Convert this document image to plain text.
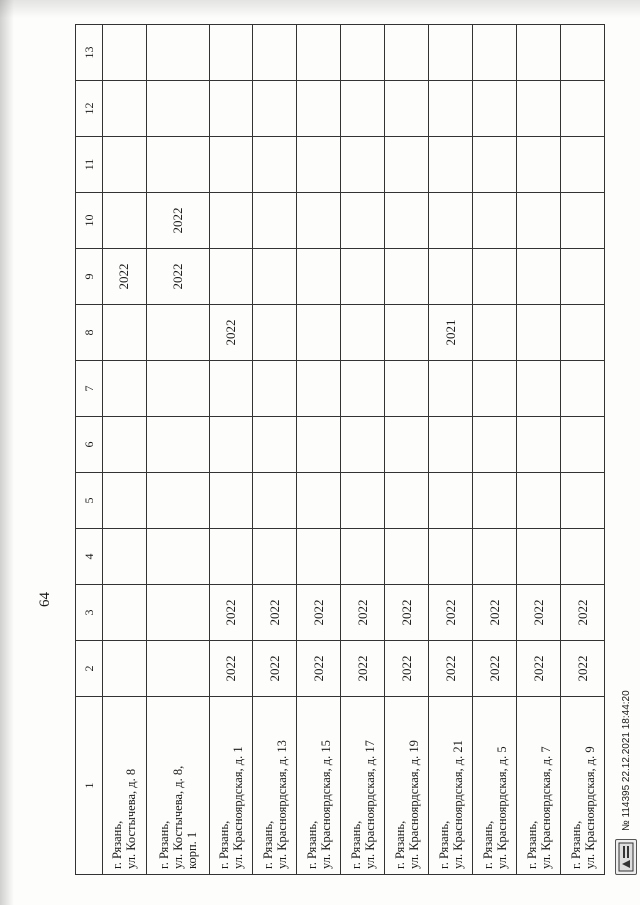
64
1	2	3	4	5	6	7	8	9	10	11	12	13

г. Рязань, ул. Костычева, д. 8								2022				

г. Рязань, ул. Костычева, д. 8, корп. 1								2022	2022			

г. Рязань, ул. Красноярдская, д. 1	2022	2022					2022					

г. Рязань, ул. Красноярдская, д. 13	2022	2022										

г. Рязань, ул. Красноярдская, д. 15	2022	2022										

г. Рязань, ул. Красноярдская, д. 17	2022	2022										

г. Рязань, ул. Красноярдская, д. 19	2022	2022										

г. Рязань, ул. Красноярдская, д. 21	2022	2022					2021					

г. Рязань, ул. Красноярдская, д. 5	2022	2022										

г. Рязань, ул. Красноярдская, д. 7	2022	2022										

г. Рязань, ул. Красноярдская, д. 9	2022	2022										
№ 114395 22.12.2021 18:44:20
